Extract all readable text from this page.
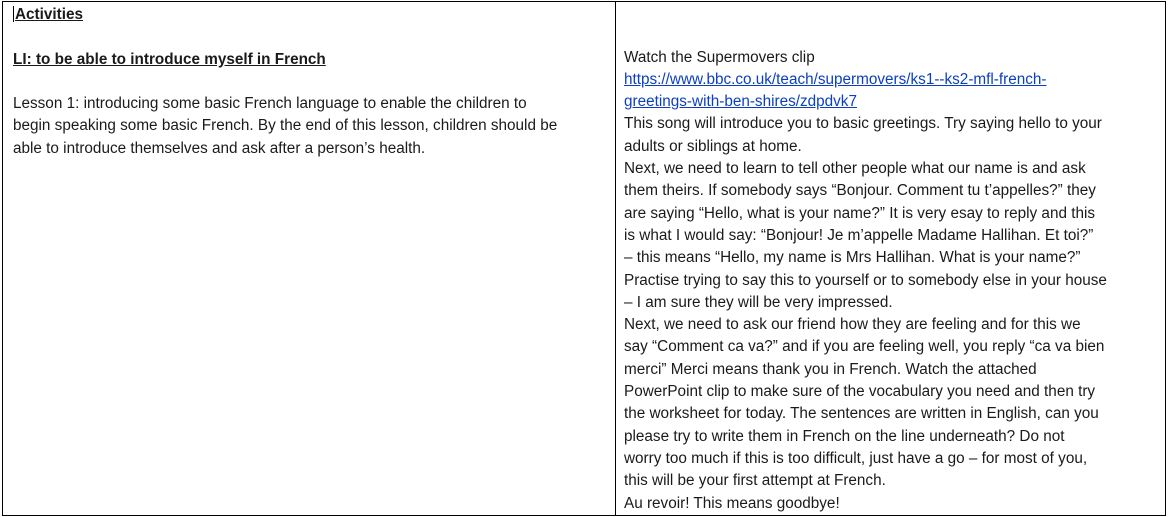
Activities
LI: to be able to introduce myself in French
Lesson 1: introducing some basic French language to enable the children to
begin speaking some basic French. By the end of this lesson, children should be
able to introduce themselves and ask after a person’s health.
Watch the Supermovers clip
https://www.bbc.co.uk/teach/supermovers/ks1--ks2-mfl-french-
greetings-with-ben-shires/zdpdvk7
This song will introduce you to basic greetings. Try saying hello to your
adults or siblings at home.
Next, we need to learn to tell other people what our name is and ask
them theirs. If somebody says “Bonjour. Comment tu t’appelles?” they
are saying “Hello, what is your name?” It is very esay to reply and this
is what I would say: “Bonjour! Je m’appelle Madame Hallihan. Et toi?”
– this means “Hello, my name is Mrs Hallihan. What is your name?”
Practise trying to say this to yourself or to somebody else in your house
– I am sure they will be very impressed.
Next, we need to ask our friend how they are feeling and for this we
say “Comment ca va?” and if you are feeling well, you reply “ca va bien
merci” Merci means thank you in French. Watch the attached
PowerPoint clip to make sure of the vocabulary you need and then try
the worksheet for today. The sentences are written in English, can you
please try to write them in French on the line underneath? Do not
worry too much if this is too difficult, just have a go – for most of you,
this will be your first attempt at French.
Au revoir! This means goodbye!
